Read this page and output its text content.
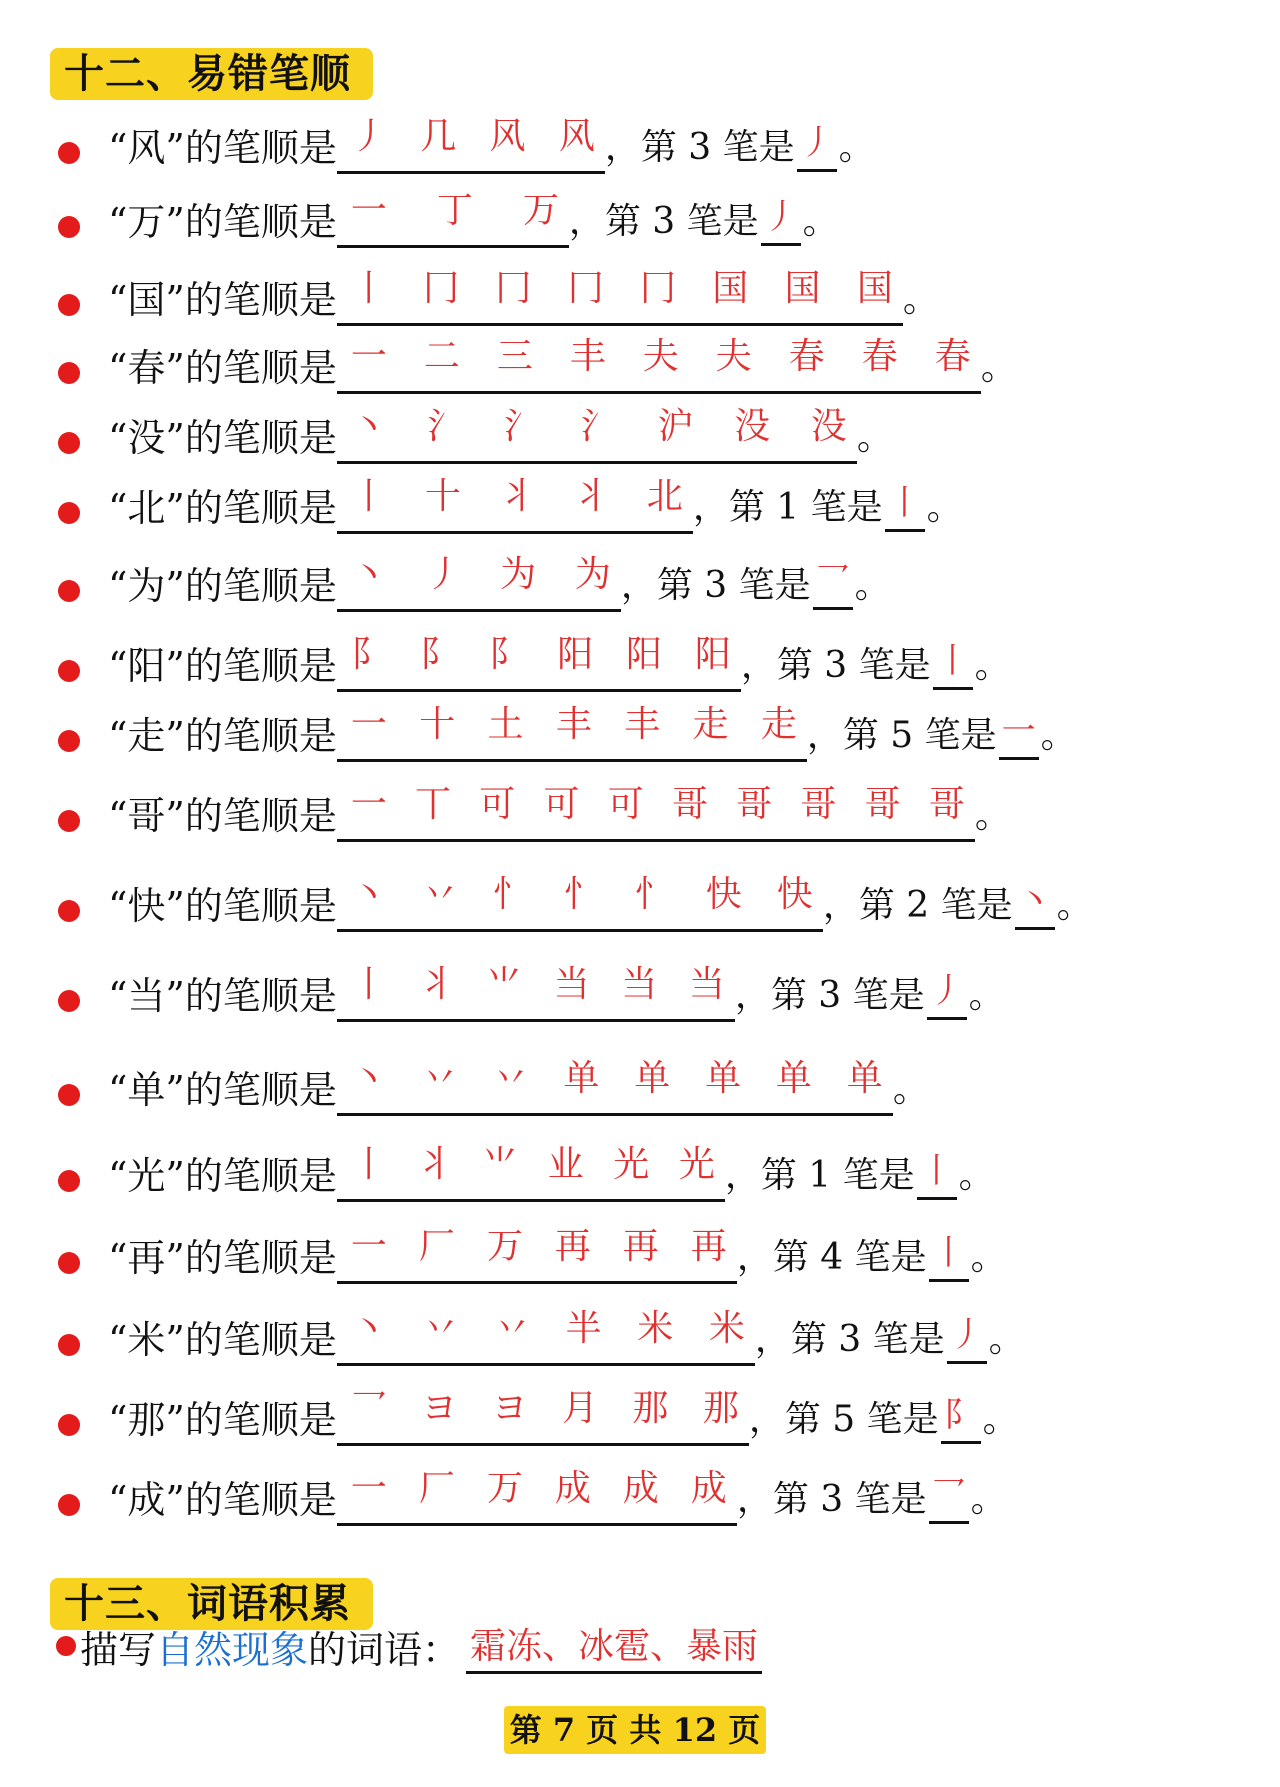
十二、易错笔顺
“风”的笔顺是 丿 几 风 风 ，第 3 笔是 丿 。
“万”的笔顺是 一 丁 万 ，第 3 笔是 丿 。
“国”的笔顺是 丨 冂 冂 冂 冂 国 国 国 。
“春”的笔顺是 一 二 三 丰 夫 夫 春 春 春 。
“没”的笔顺是 丶 氵 氵 氵 沪 没 没 。
“北”的笔顺是 丨 十 丬 丬 北 ，第 1 笔是 丨 。
“为”的笔顺是 丶 丿 为 为 ，第 3 笔是 乛 。
“阳”的笔顺是 阝 阝 阝 阳 阳 阳 ，第 3 笔是 丨 。
“走”的笔顺是 一 十 土 丰 丰 走 走 ，第 5 笔是 一 。
“哥”的笔顺是 一 丅 可 可 可 哥 哥 哥 哥 哥 。
“快”的笔顺是 丶 丷 忄 忄 忄 快 快 ，第 2 笔是 丶 。
“当”的笔顺是 丨 丬 ⺌ 当 当 当 ，第 3 笔是 丿 。
“单”的笔顺是 丶 丷 丷 单 单 单 单 单 。
“光”的笔顺是 丨 丬 ⺌ 业 光 光 ，第 1 笔是 丨 。
“再”的笔顺是 一 厂 万 再 再 再 ，第 4 笔是 丨 。
“米”的笔顺是 丶 丷 丷 半 米 米 ，第 3 笔是 丿 。
“那”的笔顺是 乛 ヨ ヨ 月 那 那 ，第 5 笔是 阝 。
“成”的笔顺是 一 厂 万 成 成 成 ，第 3 笔是 乛 。
十三、词语积累
描写 自然现象 的词语： 霜冻、冰雹、暴雨
第 7 页 共 12 页
